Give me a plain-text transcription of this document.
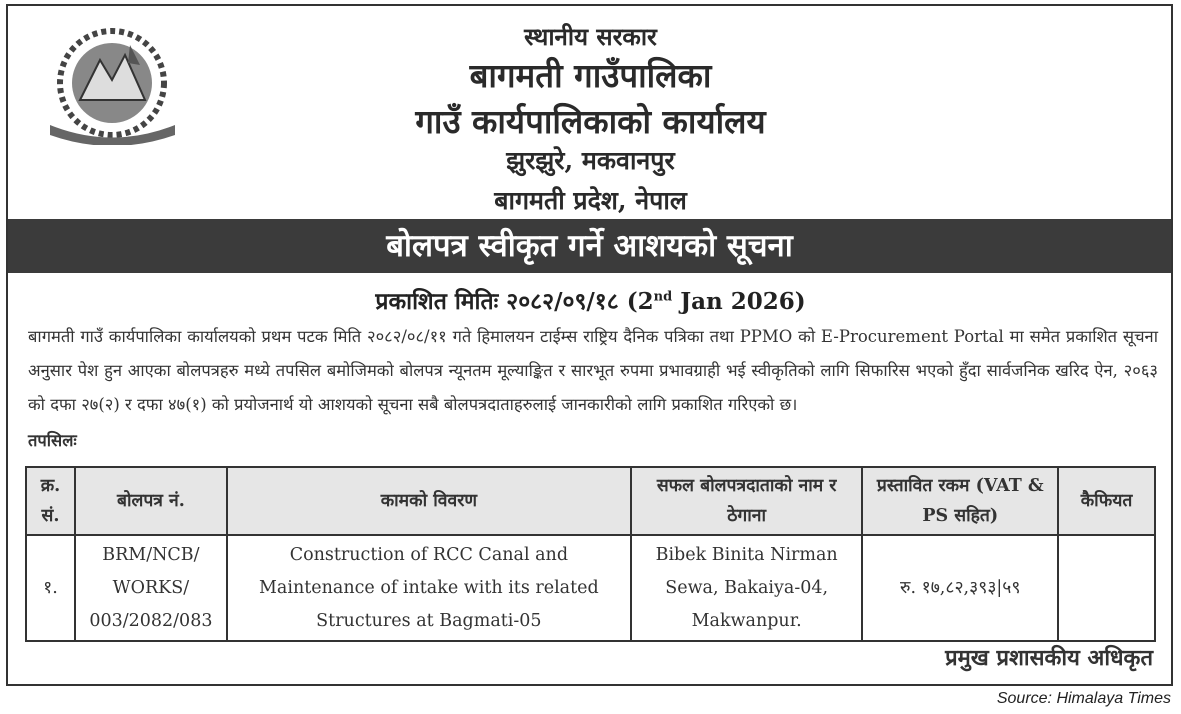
स्थानीय सरकार
बागमती गाउँपालिका
गाउँ कार्यपालिकाको कार्यालय
झुरझुरे, मकवानपुर
बागमती प्रदेश, नेपाल
बोलपत्र स्वीकृत गर्ने आशयको सूचना
प्रकाशित मितिः २०८२/०९/१८ (2nd Jan 2026)
बागमती गाउँ कार्यपालिका कार्यालयको प्रथम पटक मिति २०८२/०८/११ गते हिमालयन टाईम्स राष्ट्रिय दैनिक पत्रिका तथा PPMO को E-Procurement Portal मा समेत प्रकाशित सूचना अनुसार पेश हुन आएका बोलपत्रहरु मध्ये तपसिल बमोजिमको बोलपत्र न्यूनतम मूल्याङ्कित र सारभूत रुपमा प्रभावग्राही भई स्वीकृतिको लागि सिफारिस भएको हुँदा सार्वजनिक खरिद ऐन, २०६३ को दफा २७(२) र दफा ४७(१) को प्रयोजनार्थ यो आशयको सूचना सबै बोलपत्रदाताहरुलाई जानकारीको लागि प्रकाशित गरिएको छ।
तपसिलः
क्र. सं.	बोलपत्र नं.	कामको विवरण	सफल बोलपत्रदाताको नाम र ठेगाना	प्रस्तावित रकम (VAT & PS सहित)	कैफियत
१.	BRM/NCB/ WORKS/ 003/2082/083	Construction of RCC Canal and Maintenance of intake with its related Structures at Bagmati-05	Bibek Binita Nirman Sewa, Bakaiya-04, Makwanpur.	रु. १७,८२,३९३|५९	
प्रमुख प्रशासकीय अधिकृत
Source: Himalaya Times
